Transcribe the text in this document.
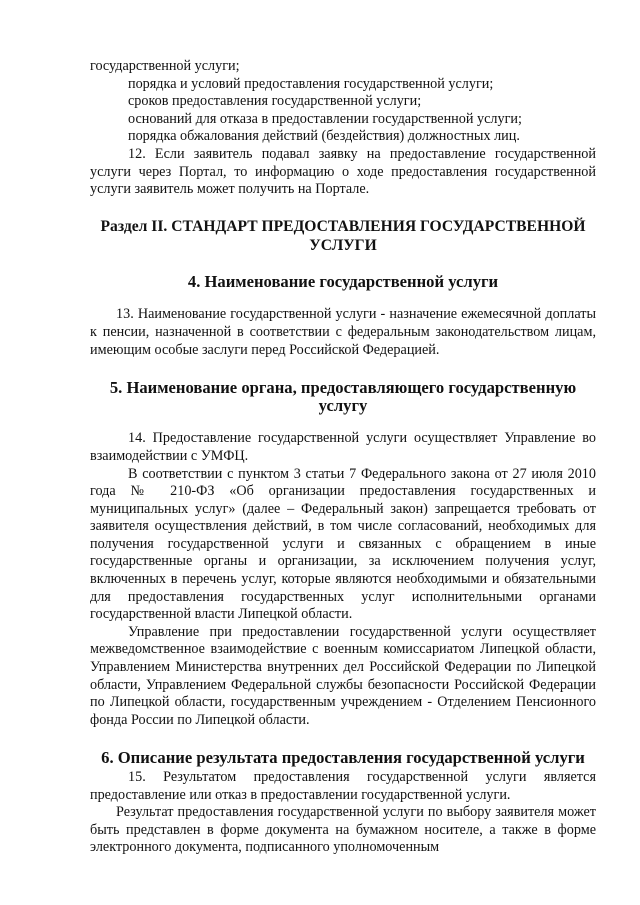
государственной услуги;

порядка и условий предоставления государственной услуги;

сроков предоставления государственной услуги;

оснований для отказа в предоставлении государственной услуги;

порядка обжалования действий (бездействия) должностных лиц.

12. Если заявитель подавал заявку на предоставление государственной услуги через Портал, то информацию о ходе предоставления государственной услуги заявитель может получить на Портале.

Раздел II. СТАНДАРТ ПРЕДОСТАВЛЕНИЯ ГОСУДАРСТВЕННОЙ УСЛУГИ
4. Наименование государственной услуги

13. Наименование государственной услуги - назначение ежемесячной доплаты к пенсии, назначенной в соответствии с федеральным законодательством лицам, имеющим особые заслуги перед Российской Федерацией.

5. Наименование органа, предоставляющего государственную услугу

14. Предоставление государственной услуги осуществляет Управление во взаимодействии с УМФЦ.

В соответствии с пунктом 3 статьи 7 Федерального закона от 27 июля 2010 года № 210-ФЗ «Об организации предоставления государственных и муниципальных услуг» (далее – Федеральный закон) запрещается требовать от заявителя осуществления действий, в том числе согласований, необходимых для получения государственной услуги и связанных с обращением в иные государственные органы и организации, за исключением получения услуг, включенных в перечень услуг, которые являются необходимыми и обязательными для предоставления государственных услуг исполнительными органами государственной власти Липецкой области.

Управление при предоставлении государственной услуги осуществляет межведомственное взаимодействие с военным комиссариатом Липецкой области, Управлением Министерства внутренних дел Российской Федерации по Липецкой области, Управлением Федеральной службы безопасности Российской Федерации по Липецкой области, государственным учреждением - Отделением Пенсионного фонда России по Липецкой области.

6. Описание результата предоставления государственной услуги

15. Результатом предоставления государственной услуги является предоставление или отказ в предоставлении государственной услуги.

Результат предоставления государственной услуги по выбору заявителя может быть представлен в форме документа на бумажном носителе, а также в форме электронного документа, подписанного уполномоченным
